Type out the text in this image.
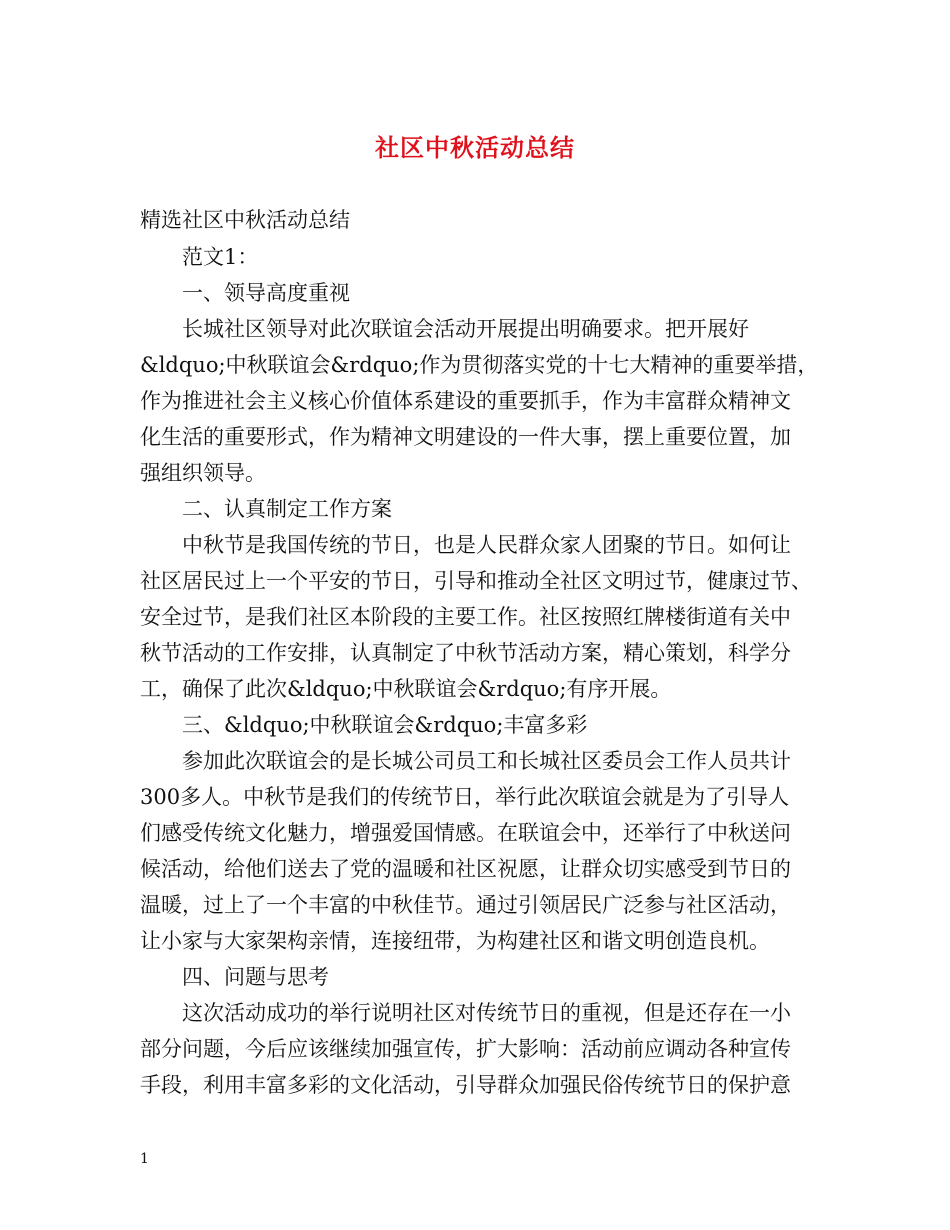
社区中秋活动总结
精选社区中秋活动总结
范文1：
一、领导高度重视
长城社区领导对此次联谊会活动开展提出明确要求。把开展好
&ldquo;中秋联谊会&rdquo;作为贯彻落实党的十七大精神的重要举措，
作为推进社会主义核心价值体系建设的重要抓手，作为丰富群众精神文
化生活的重要形式，作为精神文明建设的一件大事，摆上重要位置，加
强组织领导。
二、认真制定工作方案
中秋节是我国传统的节日，也是人民群众家人团聚的节日。如何让
社区居民过上一个平安的节日，引导和推动全社区文明过节，健康过节、
安全过节，是我们社区本阶段的主要工作。社区按照红牌楼街道有关中
秋节活动的工作安排，认真制定了中秋节活动方案，精心策划，科学分
工，确保了此次&ldquo;中秋联谊会&rdquo;有序开展。
三、&ldquo;中秋联谊会&rdquo;丰富多彩
参加此次联谊会的是长城公司员工和长城社区委员会工作人员共计
300多人。中秋节是我们的传统节日，举行此次联谊会就是为了引导人
们感受传统文化魅力，增强爱国情感。在联谊会中，还举行了中秋送问
候活动，给他们送去了党的温暖和社区祝愿，让群众切实感受到节日的
温暖，过上了一个丰富的中秋佳节。通过引领居民广泛参与社区活动，
让小家与大家架构亲情，连接纽带，为构建社区和谐文明创造良机。
四、问题与思考
这次活动成功的举行说明社区对传统节日的重视，但是还存在一小
部分问题，今后应该继续加强宣传，扩大影响：活动前应调动各种宣传
手段，利用丰富多彩的文化活动，引导群众加强民俗传统节日的保护意
1
